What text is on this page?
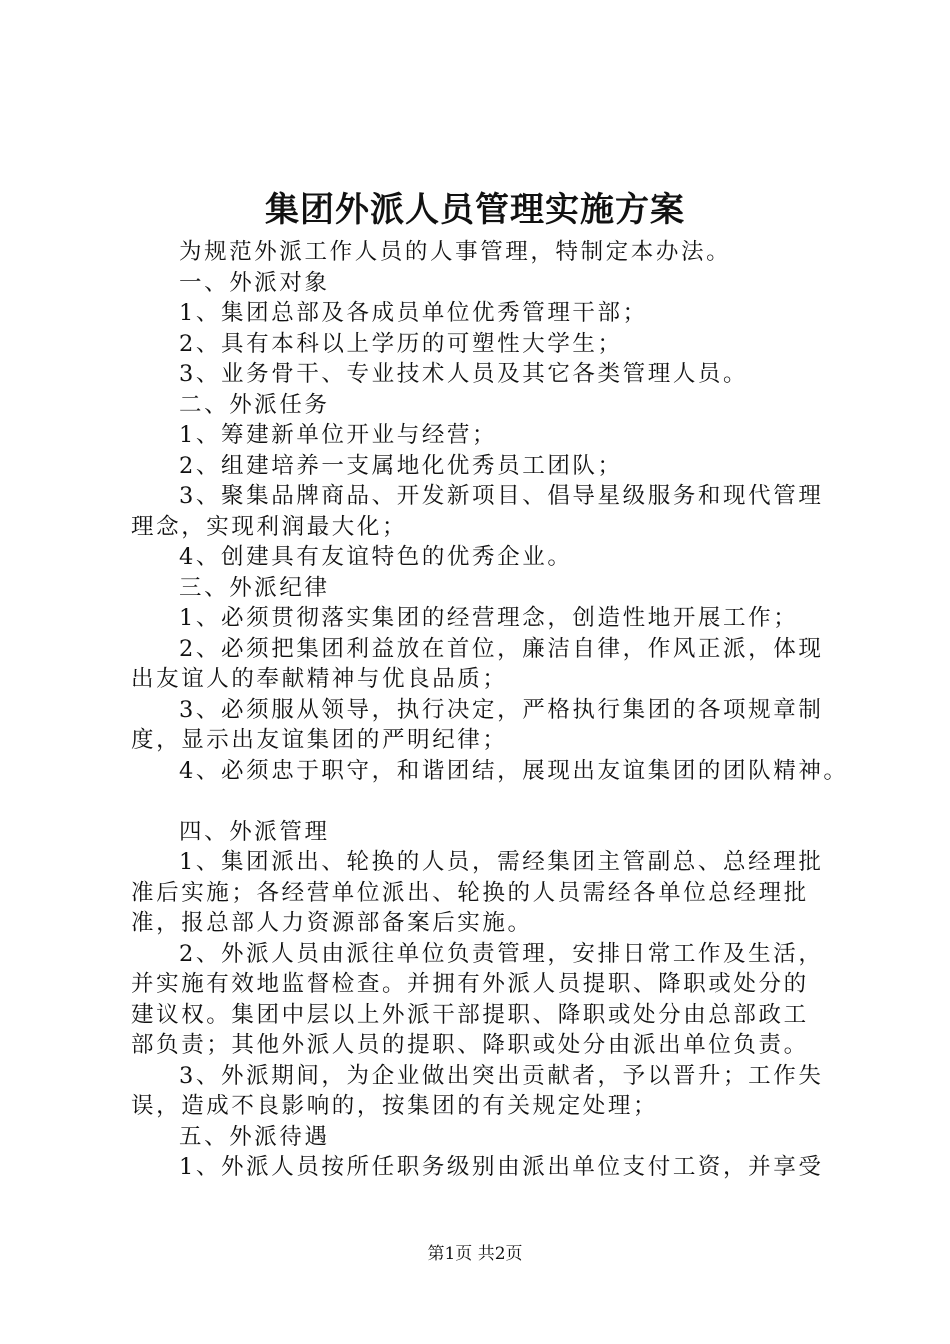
集团外派人员管理实施方案

为规范外派工作人员的人事管理，特制定本办法。

一、外派对象

1、集团总部及各成员单位优秀管理干部；

2、具有本科以上学历的可塑性大学生；

3、业务骨干、专业技术人员及其它各类管理人员。

二、外派任务

1、筹建新单位开业与经营；

2、组建培养一支属地化优秀员工团队；

3、聚集品牌商品、开发新项目、倡导星级服务和现代管理

理念，实现利润最大化；

4、创建具有友谊特色的优秀企业。

三、外派纪律

1、必须贯彻落实集团的经营理念，创造性地开展工作；

2、必须把集团利益放在首位，廉洁自律，作风正派，体现

出友谊人的奉献精神与优良品质；

3、必须服从领导，执行决定，严格执行集团的各项规章制

度，显示出友谊集团的严明纪律；

4、必须忠于职守，和谐团结，展现出友谊集团的团队精神。

四、外派管理

1、集团派出、轮换的人员，需经集团主管副总、总经理批

准后实施；各经营单位派出、轮换的人员需经各单位总经理批

准，报总部人力资源部备案后实施。

2、外派人员由派往单位负责管理，安排日常工作及生活，

并实施有效地监督检查。并拥有外派人员提职、降职或处分的

建议权。集团中层以上外派干部提职、降职或处分由总部政工

部负责；其他外派人员的提职、降职或处分由派出单位负责。

3、外派期间，为企业做出突出贡献者，予以晋升；工作失

误，造成不良影响的，按集团的有关规定处理；

五、外派待遇

1、外派人员按所任职务级别由派出单位支付工资，并享受

第1页 共2页
